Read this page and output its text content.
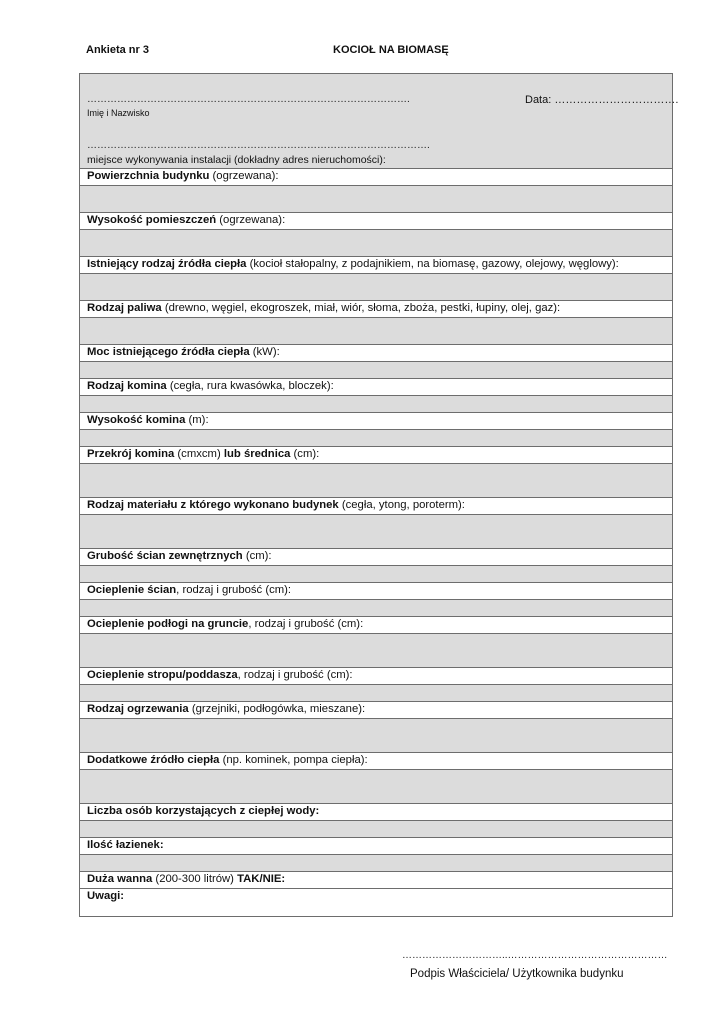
Ankieta nr 3	KOCIOŁ NA BIOMASĘ
…………………………………………………………………………………….
Imię i Nazwisko
Data: …………………………….
………………………………………………………………………………………….
miejsce wykonywania instalacji (dokładny adres nieruchomości):
Powierzchnia budynku (ogrzewana):
Wysokość pomieszczeń (ogrzewana):
Istniejący rodzaj źródła ciepła (kocioł stałopalny, z podajnikiem, na biomasę, gazowy, olejowy, węglowy):
Rodzaj paliwa (drewno, węgiel, ekogroszek, miał, wiór, słoma, zboża, pestki, łupiny, olej, gaz):
Moc istniejącego źródła ciepła (kW):
Rodzaj komina (cegła, rura kwasówka, bloczek):
Wysokość komina (m):
Przekrój komina (cmxcm) lub średnica (cm):
Rodzaj materiału z którego wykonano budynek (cegła, ytong, poroterm):
Grubość ścian zewnętrznych (cm):
Ocieplenie ścian, rodzaj i grubość (cm):
Ocieplenie podłogi na gruncie, rodzaj i grubość (cm):
Ocieplenie stropu/poddasza, rodzaj i grubość (cm):
Rodzaj ogrzewania (grzejniki, podłogówka, mieszane):
Dodatkowe źródło ciepła (np. kominek, pompa ciepła):
Liczba osób korzystających z ciepłej wody:
Ilość łazienek:
Duża wanna (200-300 litrów) TAK/NIE:
Uwagi:
…………………………..…………………………………………
Podpis Właściciela/ Użytkownika budynku
